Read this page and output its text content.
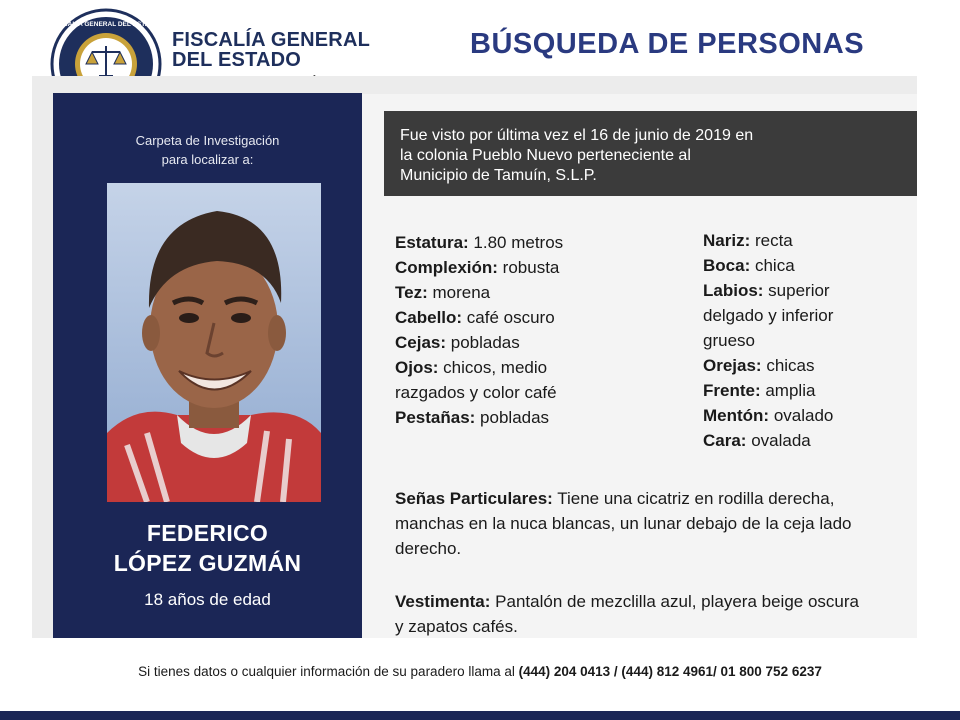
FISCALÍA GENERAL DEL ESTADO
FISCALÍA GENERAL
DEL ESTADO	BÚSQUEDA DE PERSONAS
Carpeta de Investigación
para localizar a:
FEDERICO
LÓPEZ GUZMÁN
18 años de edad
Fue visto por última vez el 16 de junio de 2019 en
la colonia Pueblo Nuevo perteneciente al
Municipio de Tamuín, S.L.P.
Estatura: 1.80 metros
Complexión: robusta
Tez: morena
Cabello: café oscuro
Cejas: pobladas
Ojos: chicos, medio razgados y color café
Pestañas: pobladas
Nariz: recta
Boca: chica
Labios: superior delgado y inferior grueso
Orejas: chicas
Frente: amplia
Mentón: ovalado
Cara: ovalada
Señas Particulares: Tiene una cicatriz en rodilla derecha, manchas en la nuca blancas, un lunar debajo de la ceja lado derecho.
Vestimenta: Pantalón de mezclilla azul, playera beige oscura y zapatos cafés.
Si tienes datos o cualquier información de su paradero llama al (444) 204 0413 / (444) 812 4961/ 01 800 752 6237
